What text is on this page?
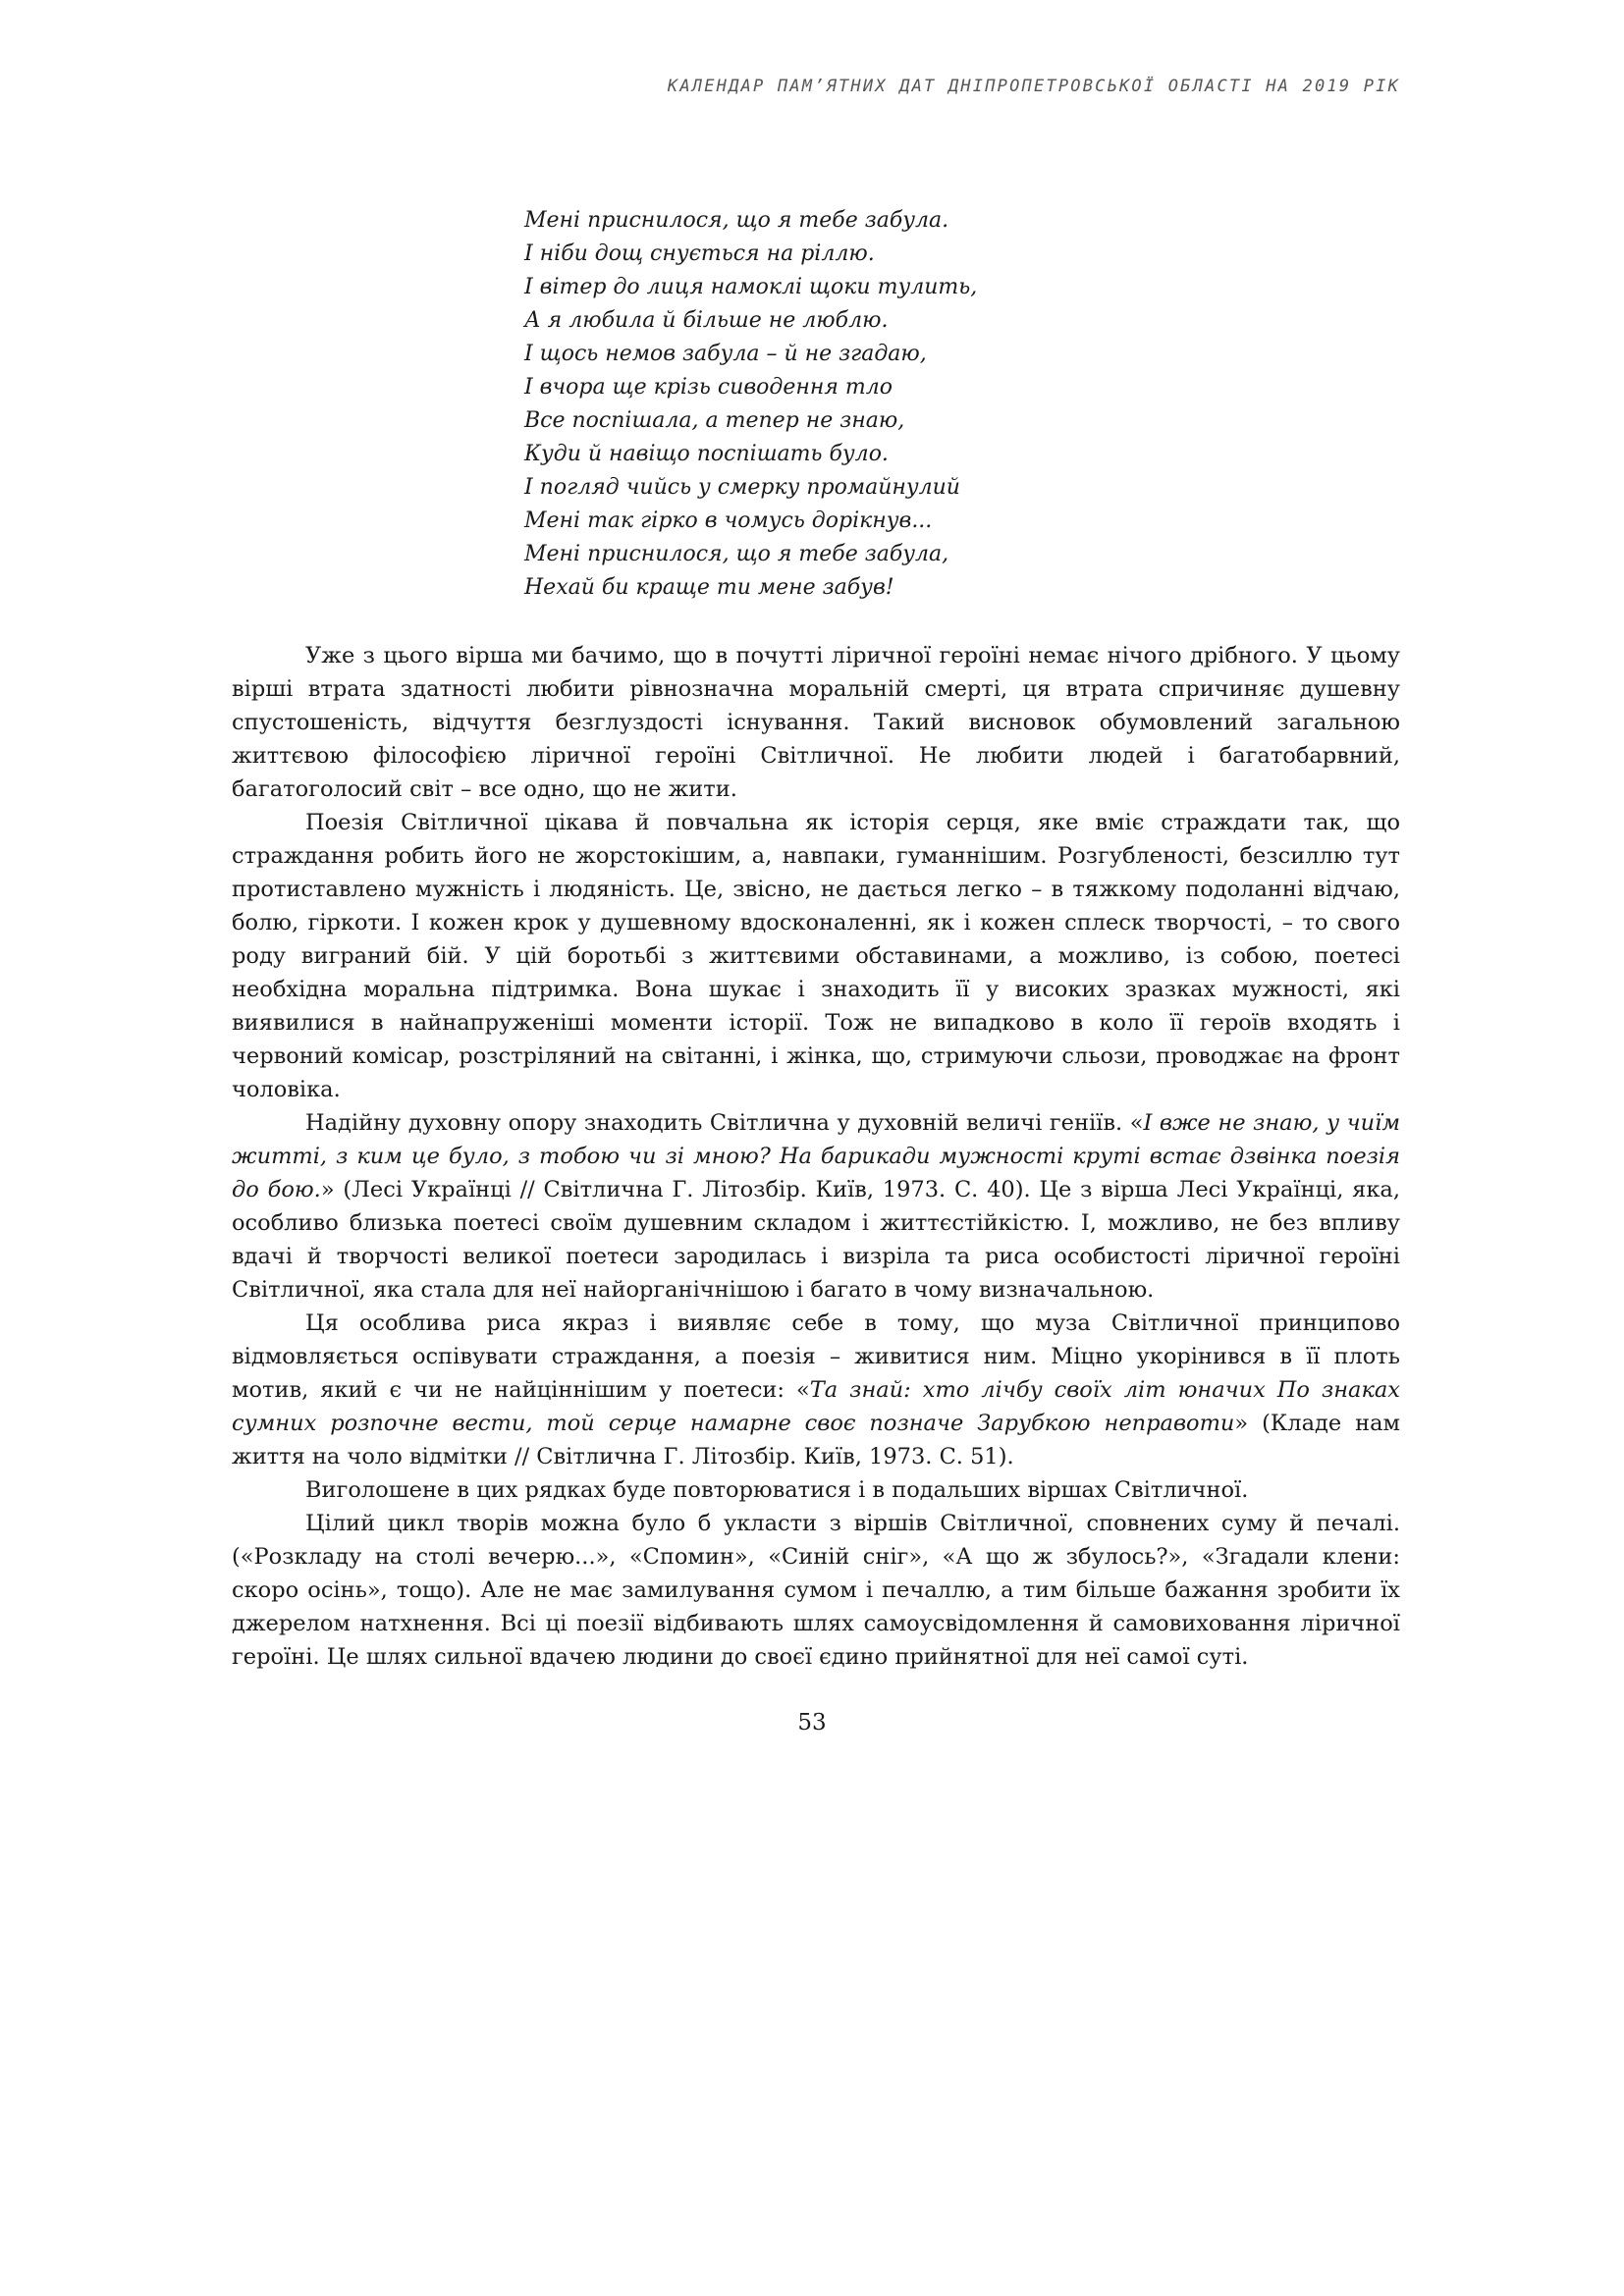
КАЛЕНДАР ПАМ’ЯТНИХ ДАТ ДНІПРОПЕТРОВСЬКОЇ ОБЛАСТІ НА 2019 РІК
Мені приснилося, що я тебе забула.
І ніби дощ снується на ріллю.
І вітер до лиця намоклі щоки тулить,
А я любила й більше не люблю.
І щось немов забула – й не згадаю,
І вчора ще крізь сиводення тло
Все поспішала, а тепер не знаю,
Куди й навіщо поспішать було.
І погляд чийсь у смерку промайнулий
Мені так гірко в чомусь дорікнув...
Мені приснилося, що я тебе забула,
Нехай би краще ти мене забув!

Уже з цього вірша ми бачимо, що в почутті ліричної героїні немає нічого дрібного. У цьому вірші втрата здатності любити рівнозначна моральній смерті, ця втрата спричиняє душевну спустошеність, відчуття безглуздості існування. Такий висновок обумовлений загальною життєвою філософією ліричної героїні Світличної. Не любити людей і багатобарвний, багатоголосий світ – все одно, що не жити.

Поезія Світличної цікава й повчальна як історія серця, яке вміє страждати так, що страждання робить його не жорстокішим, а, навпаки, гуманнішим. Розгубленості, безсиллю тут протиставлено мужність і людяність. Це, звісно, не дається легко – в тяжкому подоланні відчаю, болю, гіркоти. І кожен крок у душевному вдосконаленні, як і кожен сплеск творчості, – то свого роду виграний бій. У цій боротьбі з життєвими обставинами, а можливо, із собою, поетесі необхідна моральна підтримка. Вона шукає і знаходить її у високих зразках мужності, які виявилися в найнапруженіші моменти історії. Тож не випадково в коло її героїв входять і червоний комісар, розстріляний на світанні, і жінка, що, стримуючи сльози, проводжає на фронт чоловіка.

Надійну духовну опору знаходить Світлична у духовній величі геніїв. «І вже не знаю, у чиїм житті, з ким це було, з тобою чи зі мною? На барикади мужності круті встає дзвінка поезія до бою.» (Лесі Українці // Світлична Г. Літозбір. Київ, 1973. С. 40). Це з вірша Лесі Українці, яка, особливо близька поетесі своїм душевним складом і життєстійкістю. І, можливо, не без впливу вдачі й творчості великої поетеси зародилась і визріла та риса особистості ліричної героїні Світличної, яка стала для неї найорганічнішою і багато в чому визначальною.

Ця особлива риса якраз і виявляє себе в тому, що муза Світличної принципово відмовляється оспівувати страждання, а поезія – живитися ним. Міцно укорінився в її плоть мотив, який є чи не найціннішим у поетеси: «Та знай: хто лічбу своїх літ юначих По знаках сумних розпочне вести, той серце намарне своє позначе Зарубкою неправоти» (Кладе нам життя на чоло відмітки // Світлична Г. Літозбір. Київ, 1973. С. 51).

Виголошене в цих рядках буде повторюватися і в подальших віршах Світличної.

Цілий цикл творів можна було б укласти з віршів Світличної, сповнених суму й печалі. («Розкладу на столі вечерю...», «Спомин», «Синій сніг», «А що ж збулось?», «Згадали клени: скоро осінь», тощо). Але не має замилування сумом і печаллю, а тим більше бажання зробити їх джерелом натхнення. Всі ці поезії відбивають шлях самоусвідомлення й самовиховання ліричної героїні. Це шлях сильної вдачею людини до своєї єдино прийнятної для неї самої суті.

53
